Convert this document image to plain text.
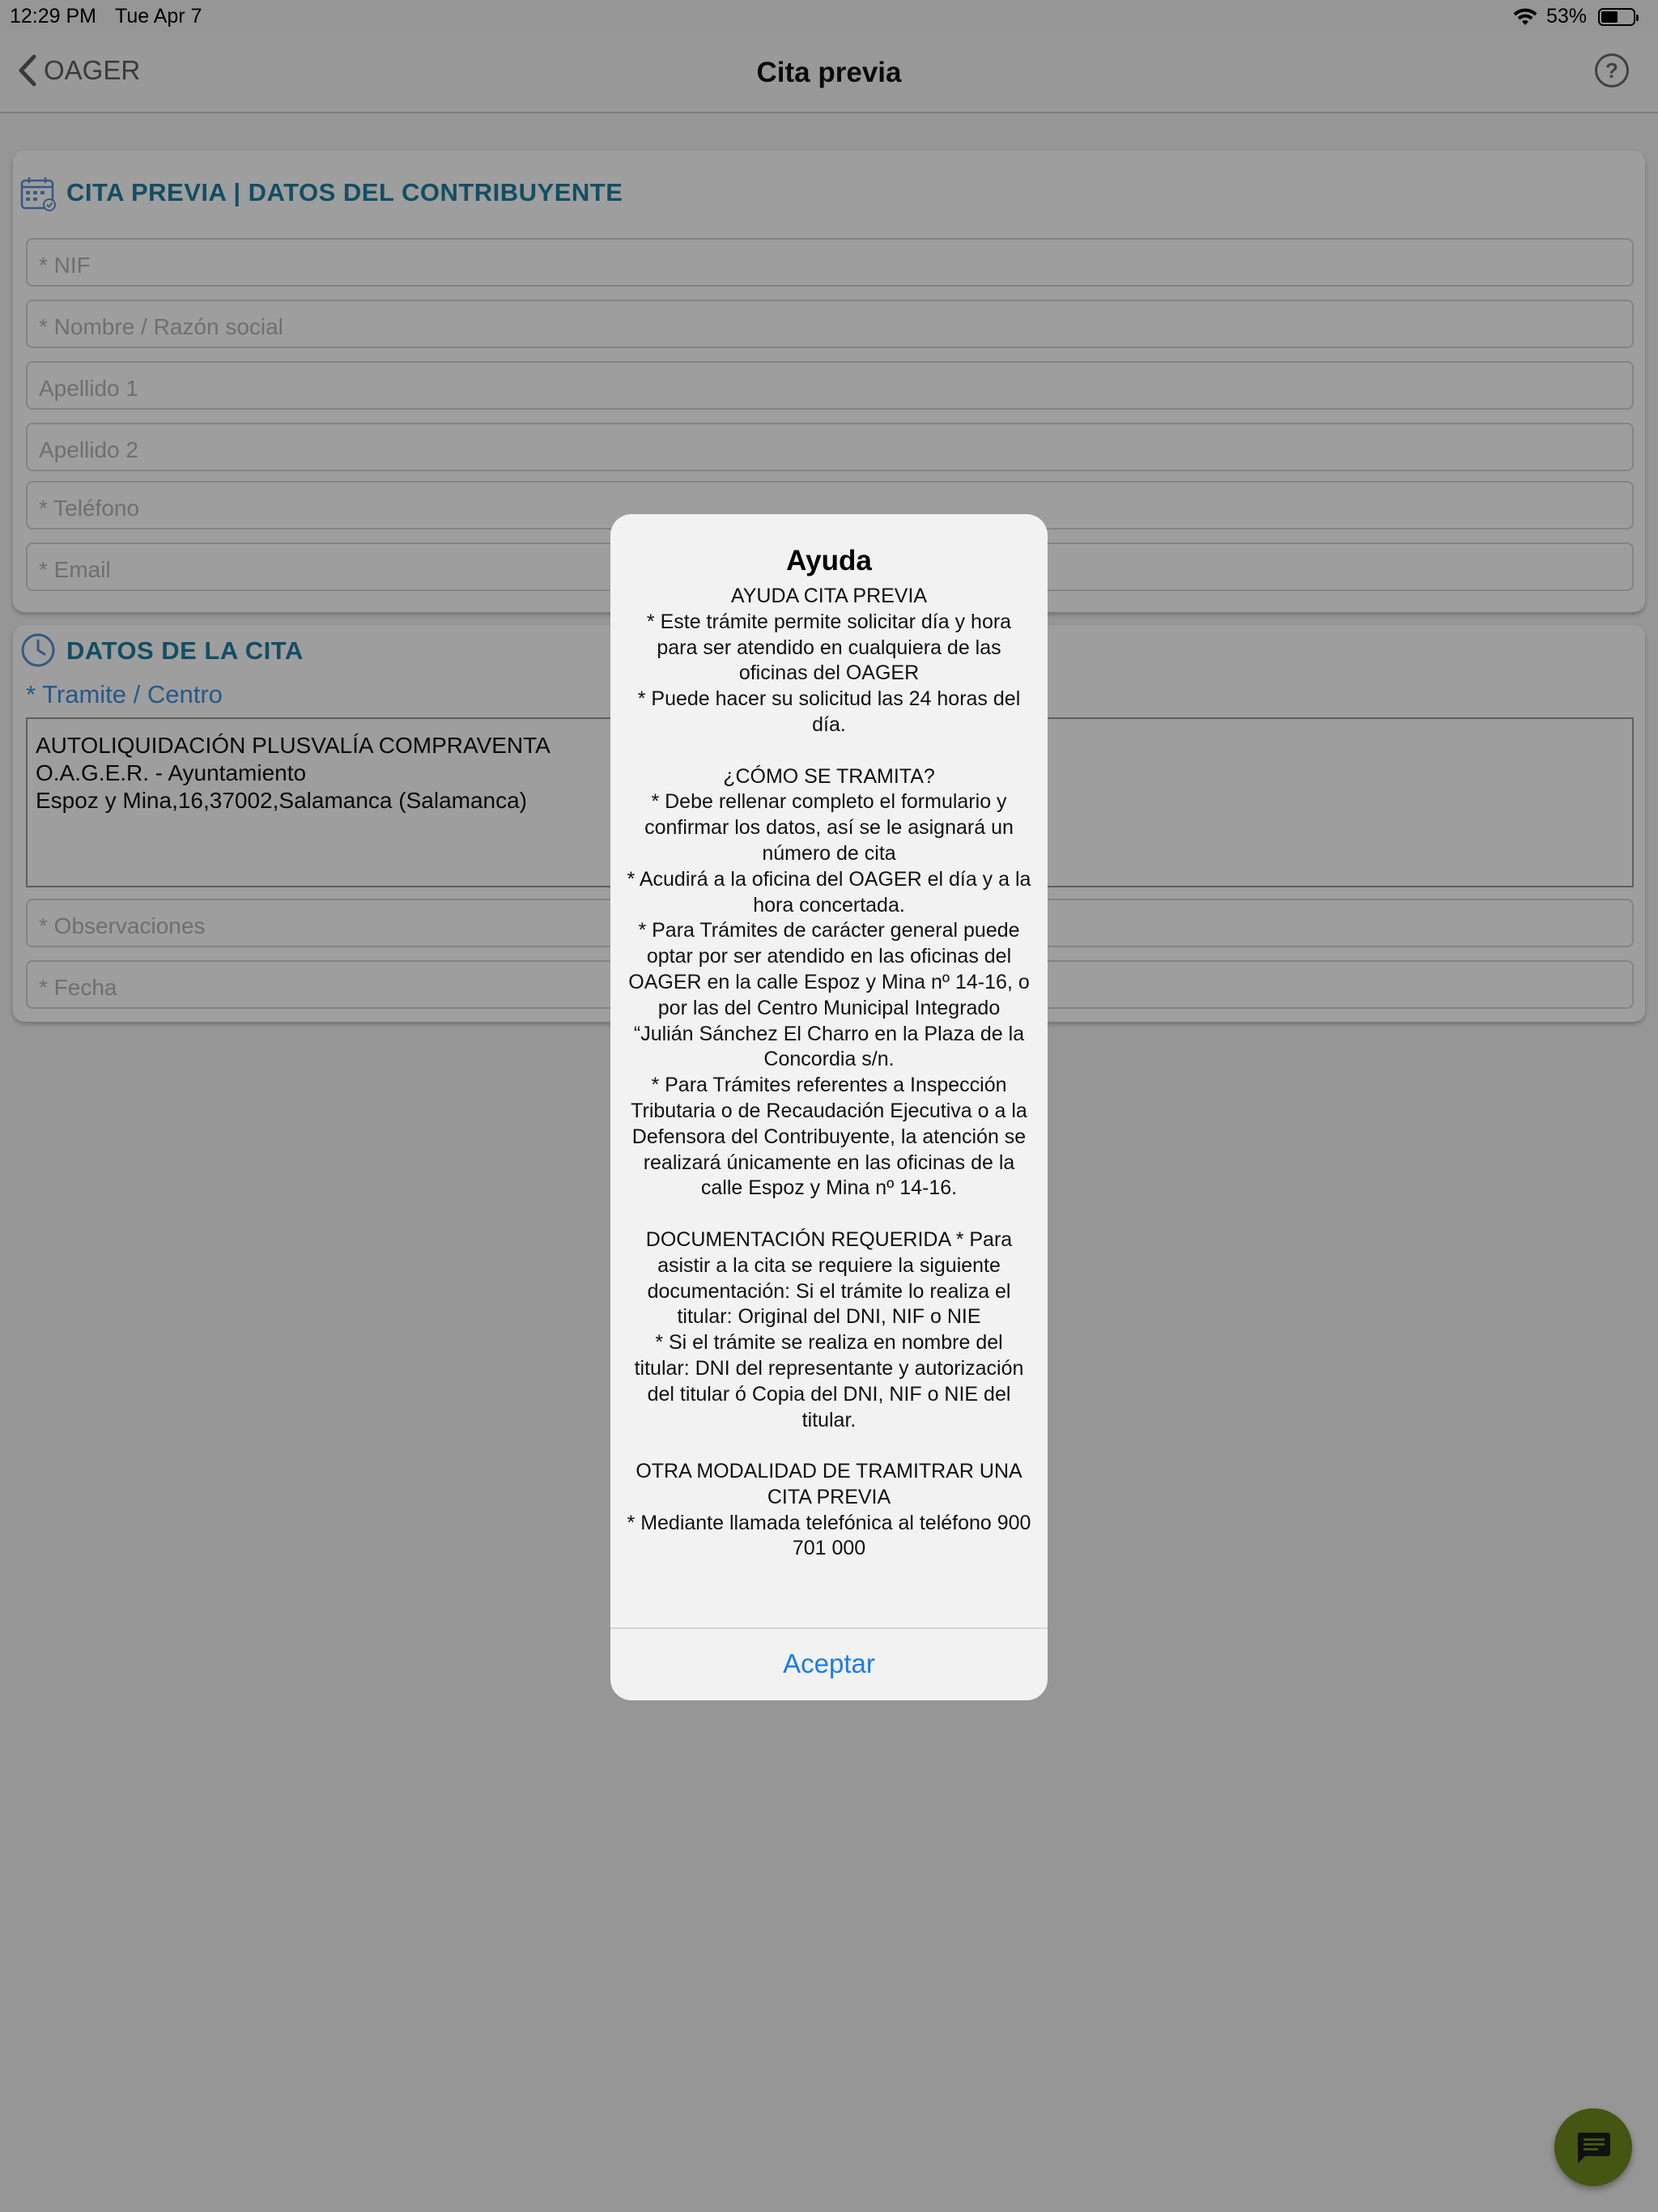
12:29 PM Tue Apr 7	53%
OAGER	Cita previa	?
CITA PREVIA | DATOS DEL CONTRIBUYENTE
* NIF
* Nombre / Razón social
Apellido 1
Apellido 2
* Teléfono
* Email
DATOS DE LA CITA
* Tramite / Centro
AUTOLIQUIDACIÓN PLUSVALÍA COMPRAVENTA
O.A.G.E.R. - Ayuntamiento
Espoz y Mina,16,37002,Salamanca (Salamanca)
* Observaciones
* Fecha
Ayuda
AYUDA CITA PREVIA
* Este trámite permite solicitar día y hora para ser atendido en cualquiera de las oficinas del OAGER
* Puede hacer su solicitud las 24 horas del día.

¿CÓMO SE TRAMITA?
* Debe rellenar completo el formulario y confirmar los datos, así se le asignará un número de cita
* Acudirá a la oficina del OAGER el día y a la hora concertada.
* Para Trámites de carácter general puede optar por ser atendido en las oficinas del OAGER en la calle Espoz y Mina nº 14-16, o por las del Centro Municipal Integrado “Julián Sánchez El Charro en la Plaza de la Concordia s/n.
* Para Trámites referentes a Inspección Tributaria o de Recaudación Ejecutiva o a la Defensora del Contribuyente, la atención se realizará únicamente en las oficinas de la calle Espoz y Mina nº 14-16.

DOCUMENTACIÓN REQUERIDA * Para asistir a la cita se requiere la siguiente documentación: Si el trámite lo realiza el titular: Original del DNI, NIF o NIE
* Si el trámite se realiza en nombre del titular: DNI del representante y autorización del titular ó Copia del DNI, NIF o NIE del titular.

OTRA MODALIDAD DE TRAMITRAR UNA CITA PREVIA
* Mediante llamada telefónica al teléfono 900 701 000
Aceptar
